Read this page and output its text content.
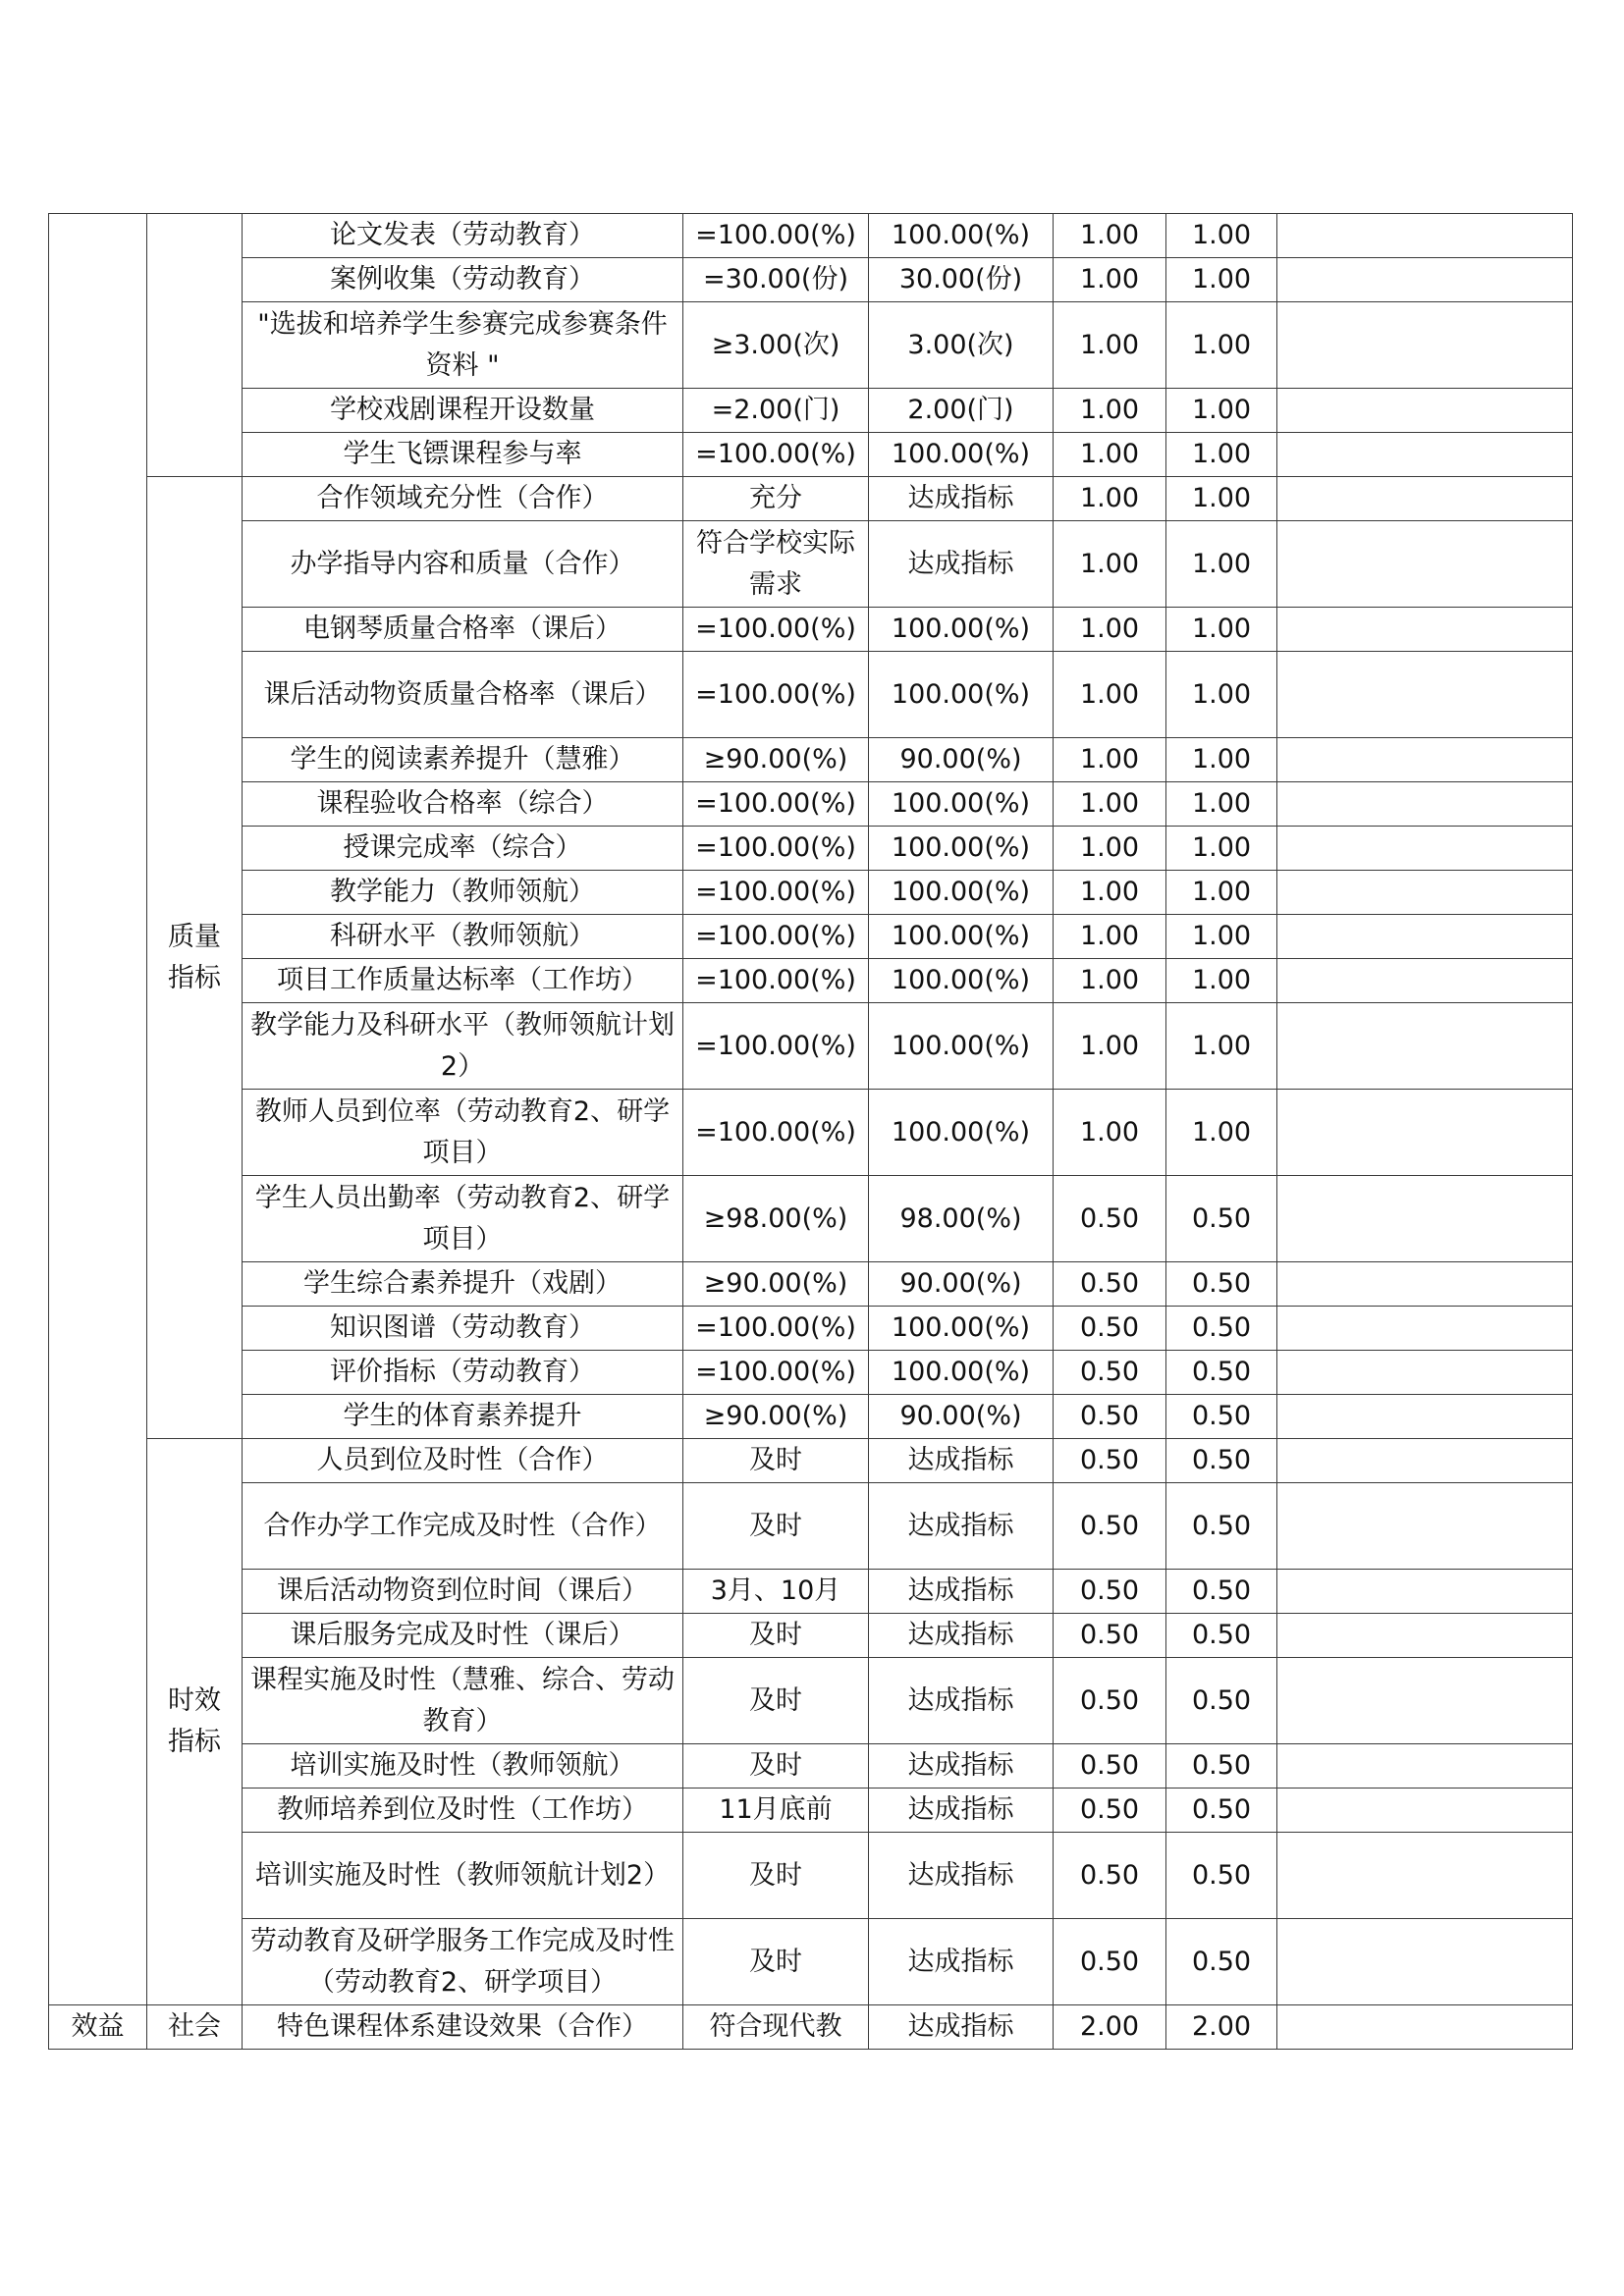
		论文发表（劳动教育）	=100.00(%)	100.00(%)	1.00	1.00	
		案例收集（劳动教育）	=30.00(份)	30.00(份)	1.00	1.00	
		"选拔和培养学生参赛完成参赛条件资料 "	≥3.00(次)	3.00(次)	1.00	1.00	
		学校戏剧课程开设数量	=2.00(门)	2.00(门)	1.00	1.00	
		学生飞镖课程参与率	=100.00(%)	100.00(%)	1.00	1.00	
	质量指标	合作领域充分性（合作）	充分	达成指标	1.00	1.00	
		办学指导内容和质量（合作）	符合学校实际需求	达成指标	1.00	1.00	
		电钢琴质量合格率（课后）	=100.00(%)	100.00(%)	1.00	1.00	
		课后活动物资质量合格率（课后）	=100.00(%)	100.00(%)	1.00	1.00	
		学生的阅读素养提升（慧雅）	≥90.00(%)	90.00(%)	1.00	1.00	
		课程验收合格率（综合）	=100.00(%)	100.00(%)	1.00	1.00	
		授课完成率（综合）	=100.00(%)	100.00(%)	1.00	1.00	
		教学能力（教师领航）	=100.00(%)	100.00(%)	1.00	1.00	
		科研水平（教师领航）	=100.00(%)	100.00(%)	1.00	1.00	
		项目工作质量达标率（工作坊）	=100.00(%)	100.00(%)	1.00	1.00	
		教学能力及科研水平（教师领航计划2）	=100.00(%)	100.00(%)	1.00	1.00	
		教师人员到位率（劳动教育2、研学项目）	=100.00(%)	100.00(%)	1.00	1.00	
		学生人员出勤率（劳动教育2、研学项目）	≥98.00(%)	98.00(%)	0.50	0.50	
		学生综合素养提升（戏剧）	≥90.00(%)	90.00(%)	0.50	0.50	
		知识图谱（劳动教育）	=100.00(%)	100.00(%)	0.50	0.50	
		评价指标（劳动教育）	=100.00(%)	100.00(%)	0.50	0.50	
		学生的体育素养提升	≥90.00(%)	90.00(%)	0.50	0.50	
	时效指标	人员到位及时性（合作）	及时	达成指标	0.50	0.50	
		合作办学工作完成及时性（合作）	及时	达成指标	0.50	0.50	
		课后活动物资到位时间（课后）	3月、10月	达成指标	0.50	0.50	
		课后服务完成及时性（课后）	及时	达成指标	0.50	0.50	
		课程实施及时性（慧雅、综合、劳动教育）	及时	达成指标	0.50	0.50	
		培训实施及时性（教师领航）	及时	达成指标	0.50	0.50	
		教师培养到位及时性（工作坊）	11月底前	达成指标	0.50	0.50	
		培训实施及时性（教师领航计划2）	及时	达成指标	0.50	0.50	
		劳动教育及研学服务工作完成及时性（劳动教育2、研学项目）	及时	达成指标	0.50	0.50	
效益	社会	特色课程体系建设效果（合作）	符合现代教	达成指标	2.00	2.00	
